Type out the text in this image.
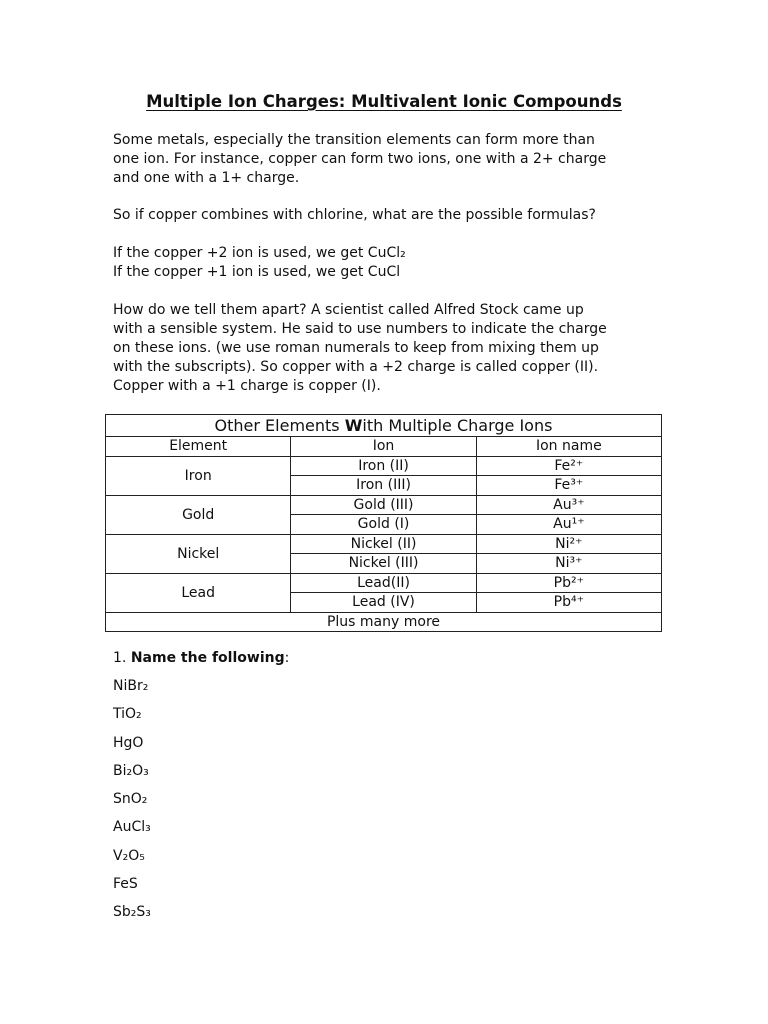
Multiple Ion Charges: Multivalent Ionic Compounds
Some metals, especially the transition elements can form more than
one ion. For instance, copper can form two ions, one with a 2+ charge
and one with a 1+ charge.
So if copper combines with chlorine, what are the possible formulas?
If the copper +2 ion is used, we get CuCl₂
If the copper +1 ion is used, we get CuCl
How do we tell them apart? A scientist called Alfred Stock came up
with a sensible system. He said to use numbers to indicate the charge
on these ions. (we use roman numerals to keep from mixing them up
with the subscripts). So copper with a +2 charge is called copper (II).
Copper with a +1 charge is copper (I).
Other Elements With Multiple Charge Ions		
Element	Ion	Ion name
Iron	Iron (II)	Fe²⁺
	Iron (III)	Fe³⁺
Gold	Gold (III)	Au³⁺
	Gold (I)	Au¹⁺
Nickel	Nickel (II)	Ni²⁺
	Nickel (III)	Ni³⁺
Lead	Lead(II)	Pb²⁺
	Lead (IV)	Pb⁴⁺
Plus many more		
1. Name the following:
NiBr₂
TiO₂
HgO
Bi₂O₃
SnO₂
AuCl₃
V₂O₅
FeS
Sb₂S₃
